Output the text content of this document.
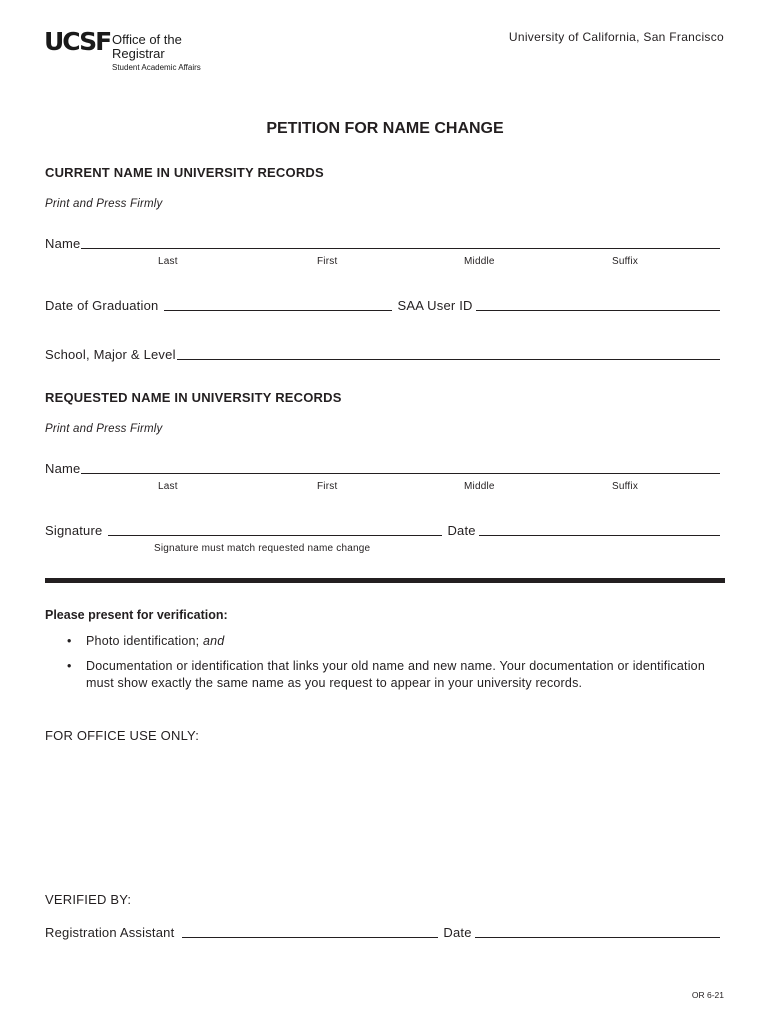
UCSF Office of the
Registrar
Student Academic Affairs
University of California, San Francisco
PETITION FOR NAME CHANGE
CURRENT NAME IN UNIVERSITY RECORDS
Print and Press Firmly
Name
Last	First	Middle	Suffix
Date of Graduation	SAA User ID
School, Major & Level
REQUESTED NAME IN UNIVERSITY RECORDS
Print and Press Firmly
Name
Last	First	Middle	Suffix
Signature	Date
Signature must match requested name change
Please present for verification:
• Photo identification; and
• Documentation or identification that links your old name and new name. Your documentation or identification must show exactly the same name as you request to appear in your university records.
FOR OFFICE USE ONLY:
VERIFIED BY:
Registration Assistant	Date
OR 6-21
